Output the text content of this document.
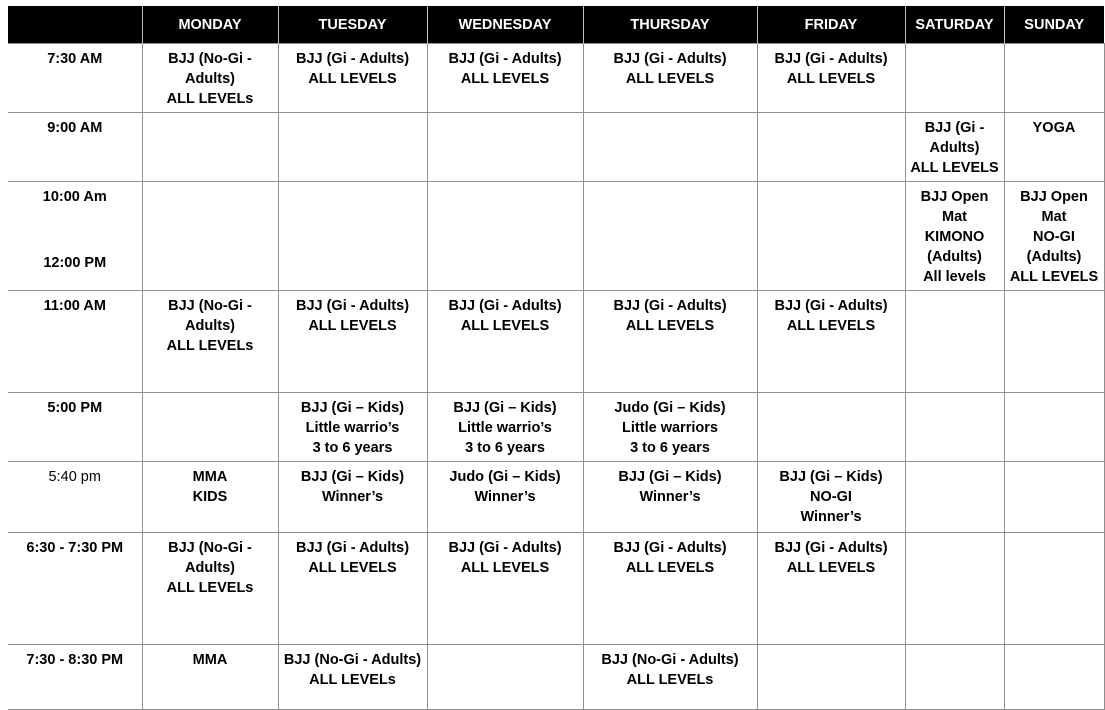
	MONDAY	TUESDAY	WEDNESDAY	THURSDAY	FRIDAY	SATURDAY	SUNDAY
7:30 AM	BJJ (No-Gi -
Adults)
ALL LEVELs	BJJ (Gi - Adults)
ALL LEVELS	BJJ (Gi - Adults)
ALL LEVELS	BJJ (Gi - Adults)
ALL LEVELS	BJJ (Gi - Adults)
ALL LEVELS		
9:00 AM						BJJ (Gi -
Adults)
ALL LEVELS	YOGA

10:00 Am
12:00 PM						BJJ Open
Mat
KIMONO
(Adults)
All levels	BJJ Open
Mat
NO-GI
(Adults)
ALL LEVELS
11:00 AM	BJJ (No-Gi -
Adults)
ALL LEVELs	BJJ (Gi - Adults)
ALL LEVELS	BJJ (Gi - Adults)
ALL LEVELS	BJJ (Gi - Adults)
ALL LEVELS	BJJ (Gi - Adults)
ALL LEVELS		
5:00 PM		BJJ (Gi – Kids)
Little warrio’s
3 to 6 years	BJJ (Gi – Kids)
Little warrio’s
3 to 6 years	Judo (Gi – Kids)
Little warriors
3 to 6 years			
5:40 pm	MMA
KIDS	BJJ (Gi – Kids)
Winner’s	Judo (Gi – Kids)
Winner’s	BJJ (Gi – Kids)
Winner’s	BJJ (Gi – Kids)
NO-GI
Winner’s		
6:30 - 7:30 PM	BJJ (No-Gi -
Adults)
ALL LEVELs	BJJ (Gi - Adults)
ALL LEVELS	BJJ (Gi - Adults)
ALL LEVELS	BJJ (Gi - Adults)
ALL LEVELS	BJJ (Gi - Adults)
ALL LEVELS		
7:30 - 8:30 PM	MMA	BJJ (No-Gi - Adults)
ALL LEVELs		BJJ (No-Gi - Adults)
ALL LEVELs			
